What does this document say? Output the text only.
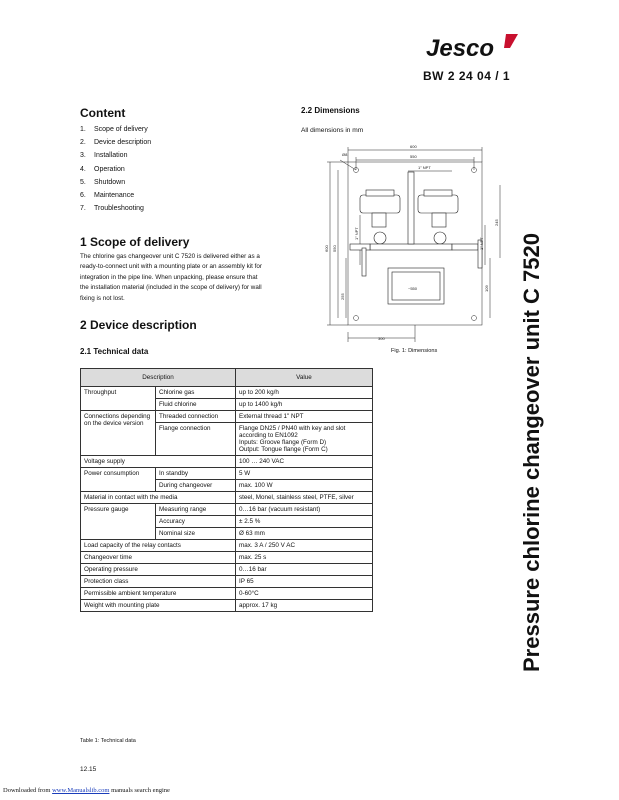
Jesco
BW 2 24 04 / 1
Content
1. Scope of delivery
2. Device description
3. Installation
4. Operation
5. Shutdown
6. Maintenance
7. Troubleshooting
1 Scope of delivery
The chlorine gas changeover unit C 7520 is delivered either as a
ready-to-connect unit with a mounting plate or an assembly kit for
integration in the pipe line. When unpacking, please ensure that
the installation material (included in the scope of delivery) for wall
fixing is not lost.
2 Device description
2.1 Technical data
2.2 Dimensions
All dimensions in mm
600
550
1" NPT
300
~550
Ø8
600 550
255
1" NPT
1" NPT
245
109
Fig. 1: Dimensions
Description		Value
Throughput	Chlorine gas	up to 200 kg/h
	Fluid chlorine	up to 1400 kg/h
Connections depending on the device version	Threaded connection	External thread 1" NPT
	Flange connection	Flange DN25 / PN40 with key and slot according to EN1092
Inputs: Groove flange (Form D)
Output: Tongue flange (Form C)

Voltage supply		100 … 240 VAC
Power consumption	In standby	5 W
	During changeover	max. 100 W
Material in contact with the media		steel, Monel, stainless steel, PTFE, silver
Pressure gauge	Measuring range	0…16 bar (vacuum resistant)
	Accuracy	± 2.5 %
	Nominal size	Ø 63 mm
Load capacity of the relay contacts		max. 3 A / 250 V AC
Changeover time		max. 25 s
Operating pressure		0…16 bar
Protection class		IP 65
Permissible ambient temperature		0-60°C
Weight with mounting plate		approx. 17 kg
Table 1: Technical data
12.15
Downloaded from www.Manualslib.com manuals search engine
Pressure chlorine changeover unit C 7520
